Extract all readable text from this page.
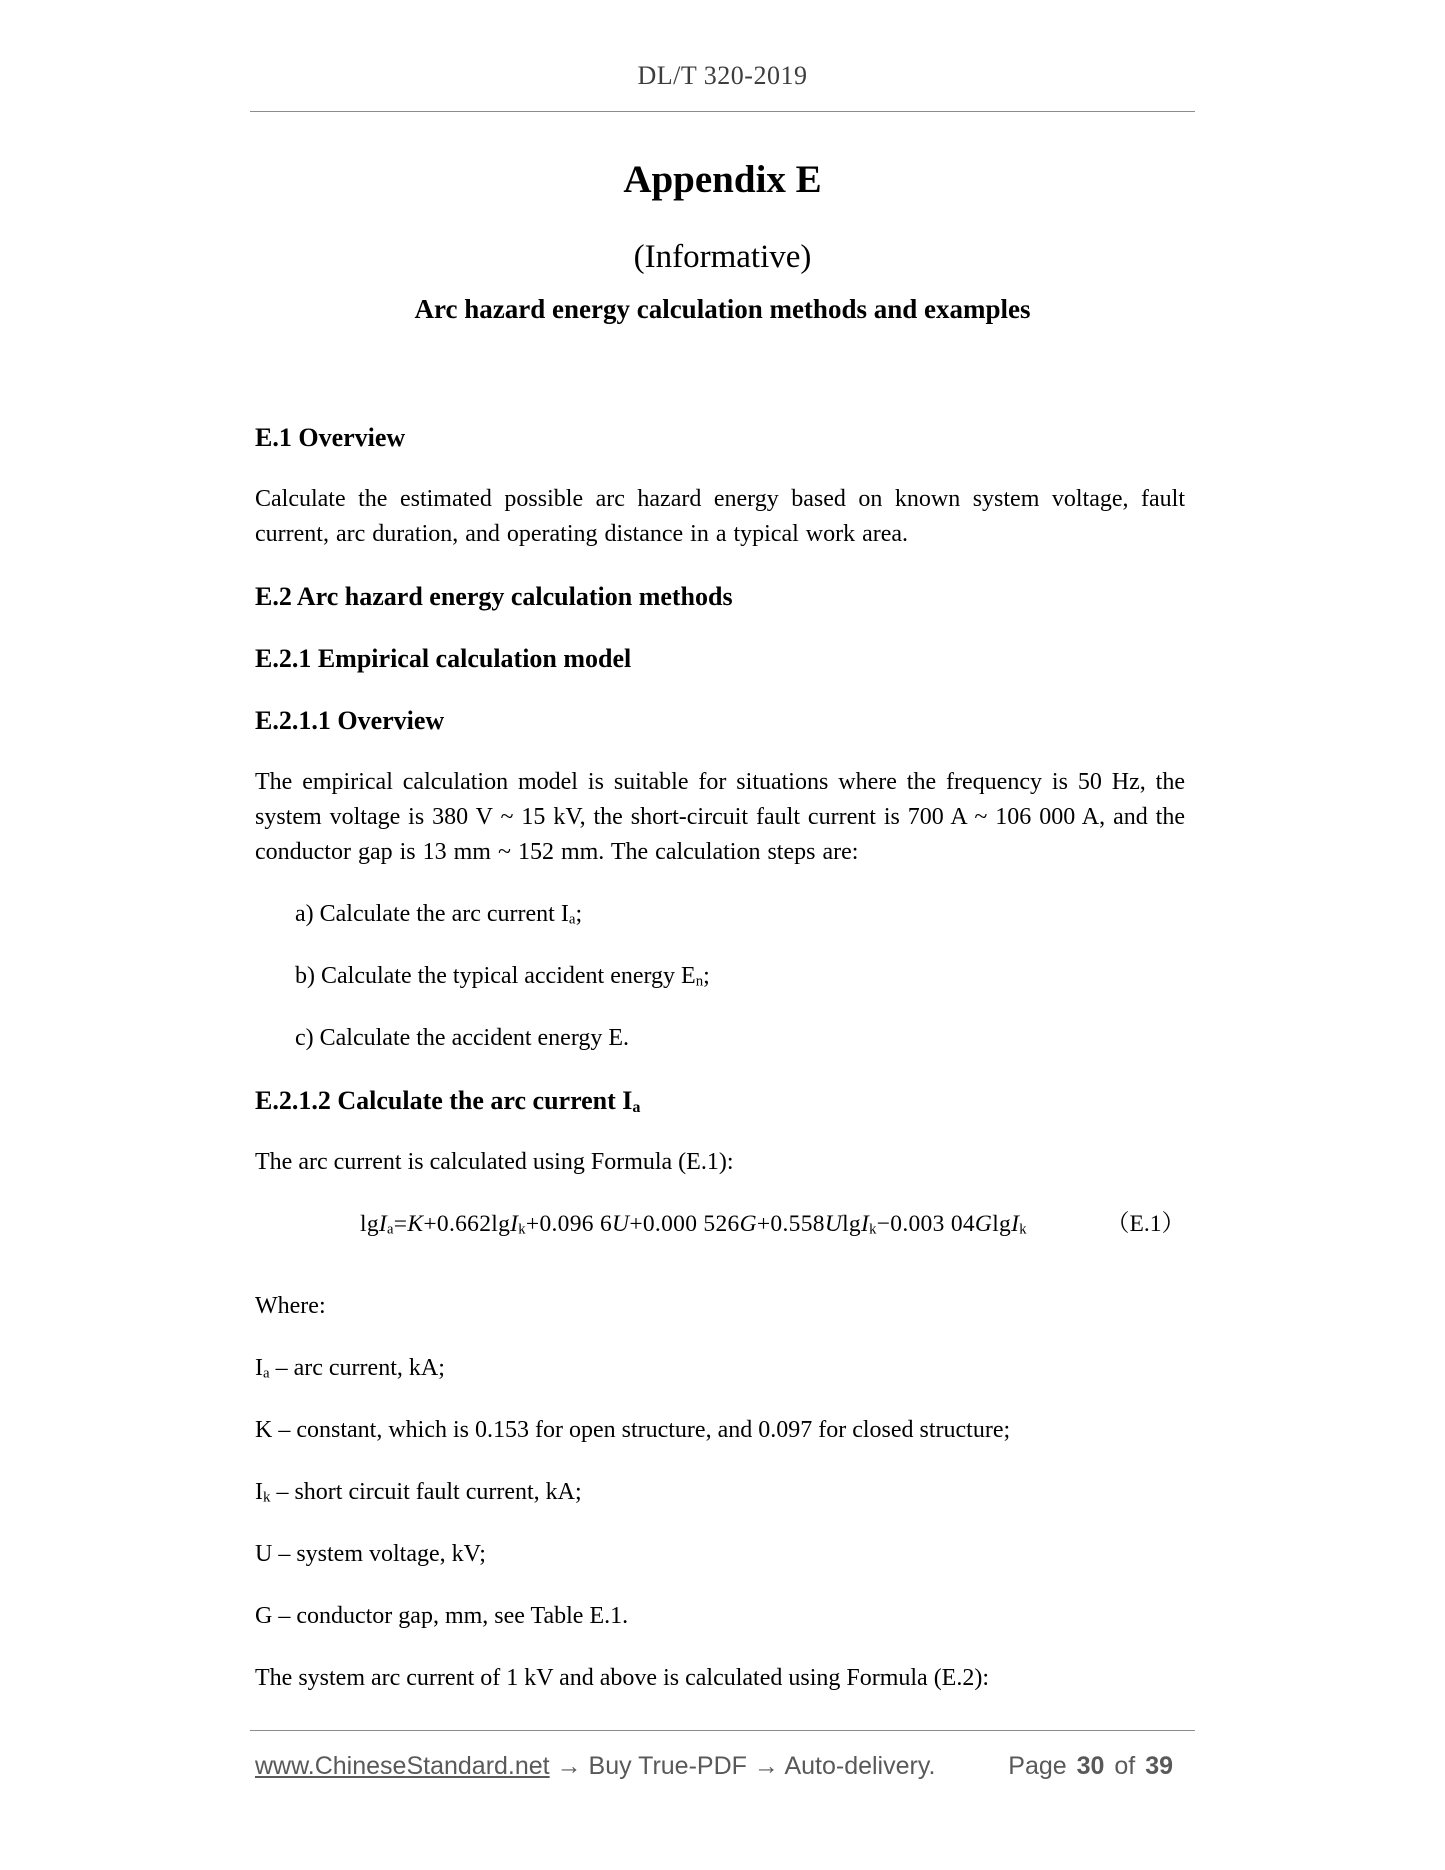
DL/T 320-2019
Appendix E
(Informative)
Arc hazard energy calculation methods and examples
E.1 Overview
Calculate the estimated possible arc hazard energy based on known system voltage, fault current, arc duration, and operating distance in a typical work area.
E.2 Arc hazard energy calculation methods
E.2.1 Empirical calculation model
E.2.1.1 Overview
The empirical calculation model is suitable for situations where the frequency is 50 Hz, the system voltage is 380 V ~ 15 kV, the short-circuit fault current is 700 A ~ 106 000 A, and the conductor gap is 13 mm ~ 152 mm. The calculation steps are:
a) Calculate the arc current $I_a$;
b) Calculate the typical accident energy $E_n$;
c) Calculate the accident energy E.
E.2.1.2 Calculate the arc current $I_a$
The arc current is calculated using Formula (E.1):
lgI$_a$=K+0.662lgI$_k$+0.096 6U+0.000 526G+0.558UlgI$_k$−0.003 04GlgI$_k$	（E.1）
Where:
$I_a$ – arc current, kA;
K – constant, which is 0.153 for open structure, and 0.097 for closed structure;
$I_k$ – short circuit fault current, kA;
U – system voltage, kV;
G – conductor gap, mm, see Table E.1.
The system arc current of 1 kV and above is calculated using Formula (E.2):
www.ChineseStandard.net → Buy True-PDF → Auto-delivery.	Page 30 of 39
